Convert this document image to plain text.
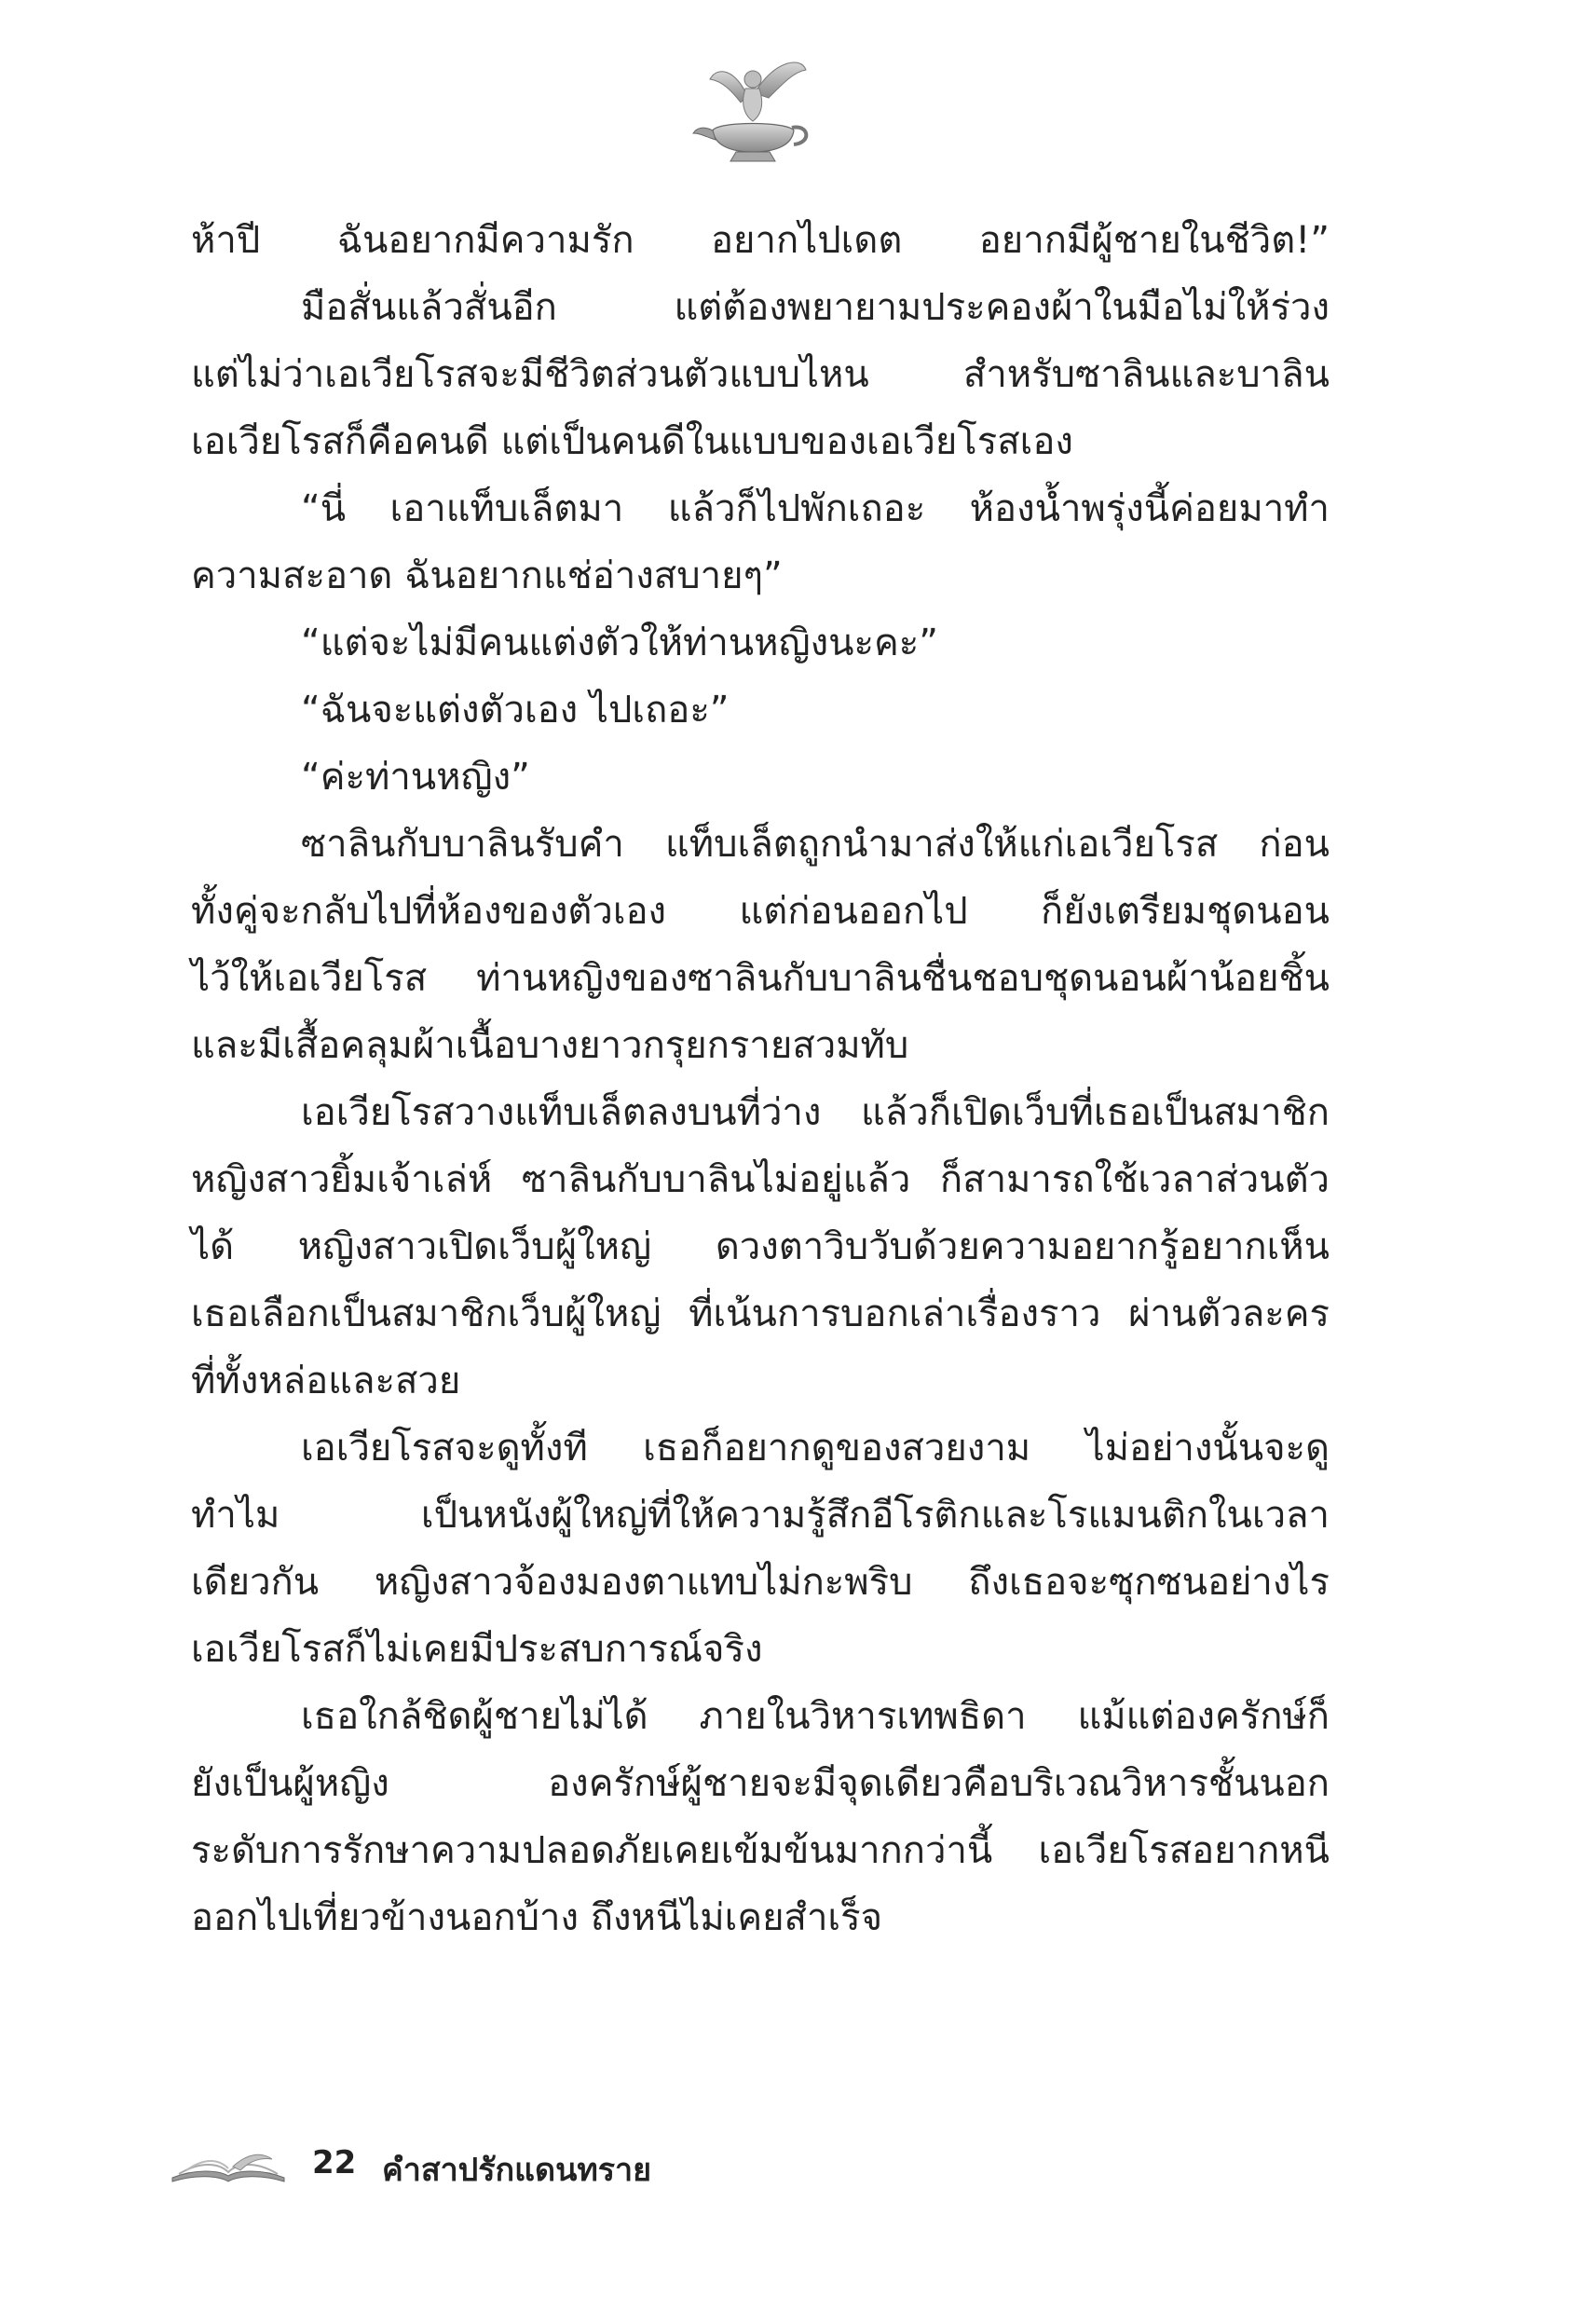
ห้าปี ฉันอยากมีความรัก อยากไปเดต อยากมีผู้ชายในชีวิต!”
มือสั่นแล้วสั่นอีก แต่ต้องพยายามประคองผ้าในมือไม่ให้ร่วง
แต่ไม่ว่าเอเวียโรสจะมีชีวิตส่วนตัวแบบไหน สำหรับซาลินและบาลิน
เอเวียโรสก็คือคนดี แต่เป็นคนดีในแบบของเอเวียโรสเอง
“นี่ เอาแท็บเล็ตมา แล้วก็ไปพักเถอะ ห้องน้ำพรุ่งนี้ค่อยมาทำ
ความสะอาด ฉันอยากแช่อ่างสบายๆ”
“แต่จะไม่มีคนแต่งตัวให้ท่านหญิงนะคะ”
“ฉันจะแต่งตัวเอง ไปเถอะ”
“ค่ะท่านหญิง”
ซาลินกับบาลินรับคำ แท็บเล็ตถูกนำมาส่งให้แก่เอเวียโรส ก่อน
ทั้งคู่จะกลับไปที่ห้องของตัวเอง แต่ก่อนออกไป ก็ยังเตรียมชุดนอน
ไว้ให้เอเวียโรส ท่านหญิงของซาลินกับบาลินชื่นชอบชุดนอนผ้าน้อยชิ้น
และมีเสื้อคลุมผ้าเนื้อบางยาวกรุยกรายสวมทับ
เอเวียโรสวางแท็บเล็ตลงบนที่ว่าง แล้วก็เปิดเว็บที่เธอเป็นสมาชิก
หญิงสาวยิ้มเจ้าเล่ห์ ซาลินกับบาลินไม่อยู่แล้ว ก็สามารถใช้เวลาส่วนตัว
ได้ หญิงสาวเปิดเว็บผู้ใหญ่ ดวงตาวิบวับด้วยความอยากรู้อยากเห็น
เธอเลือกเป็นสมาชิกเว็บผู้ใหญ่ ที่เน้นการบอกเล่าเรื่องราว ผ่านตัวละคร
ที่ทั้งหล่อและสวย
เอเวียโรสจะดูทั้งที เธอก็อยากดูของสวยงาม ไม่อย่างนั้นจะดู
ทำไม เป็นหนังผู้ใหญ่ที่ให้ความรู้สึกอีโรติกและโรแมนติกในเวลา
เดียวกัน หญิงสาวจ้องมองตาแทบไม่กะพริบ ถึงเธอจะซุกซนอย่างไร
เอเวียโรสก็ไม่เคยมีประสบการณ์จริง
เธอใกล้ชิดผู้ชายไม่ได้ ภายในวิหารเทพธิดา แม้แต่องครักษ์ก็
ยังเป็นผู้หญิง องครักษ์ผู้ชายจะมีจุดเดียวคือบริเวณวิหารชั้นนอก
ระดับการรักษาความปลอดภัยเคยเข้มข้นมากกว่านี้ เอเวียโรสอยากหนี
ออกไปเที่ยวข้างนอกบ้าง ถึงหนีไม่เคยสำเร็จ
22 คำสาปรักแดนทราย
